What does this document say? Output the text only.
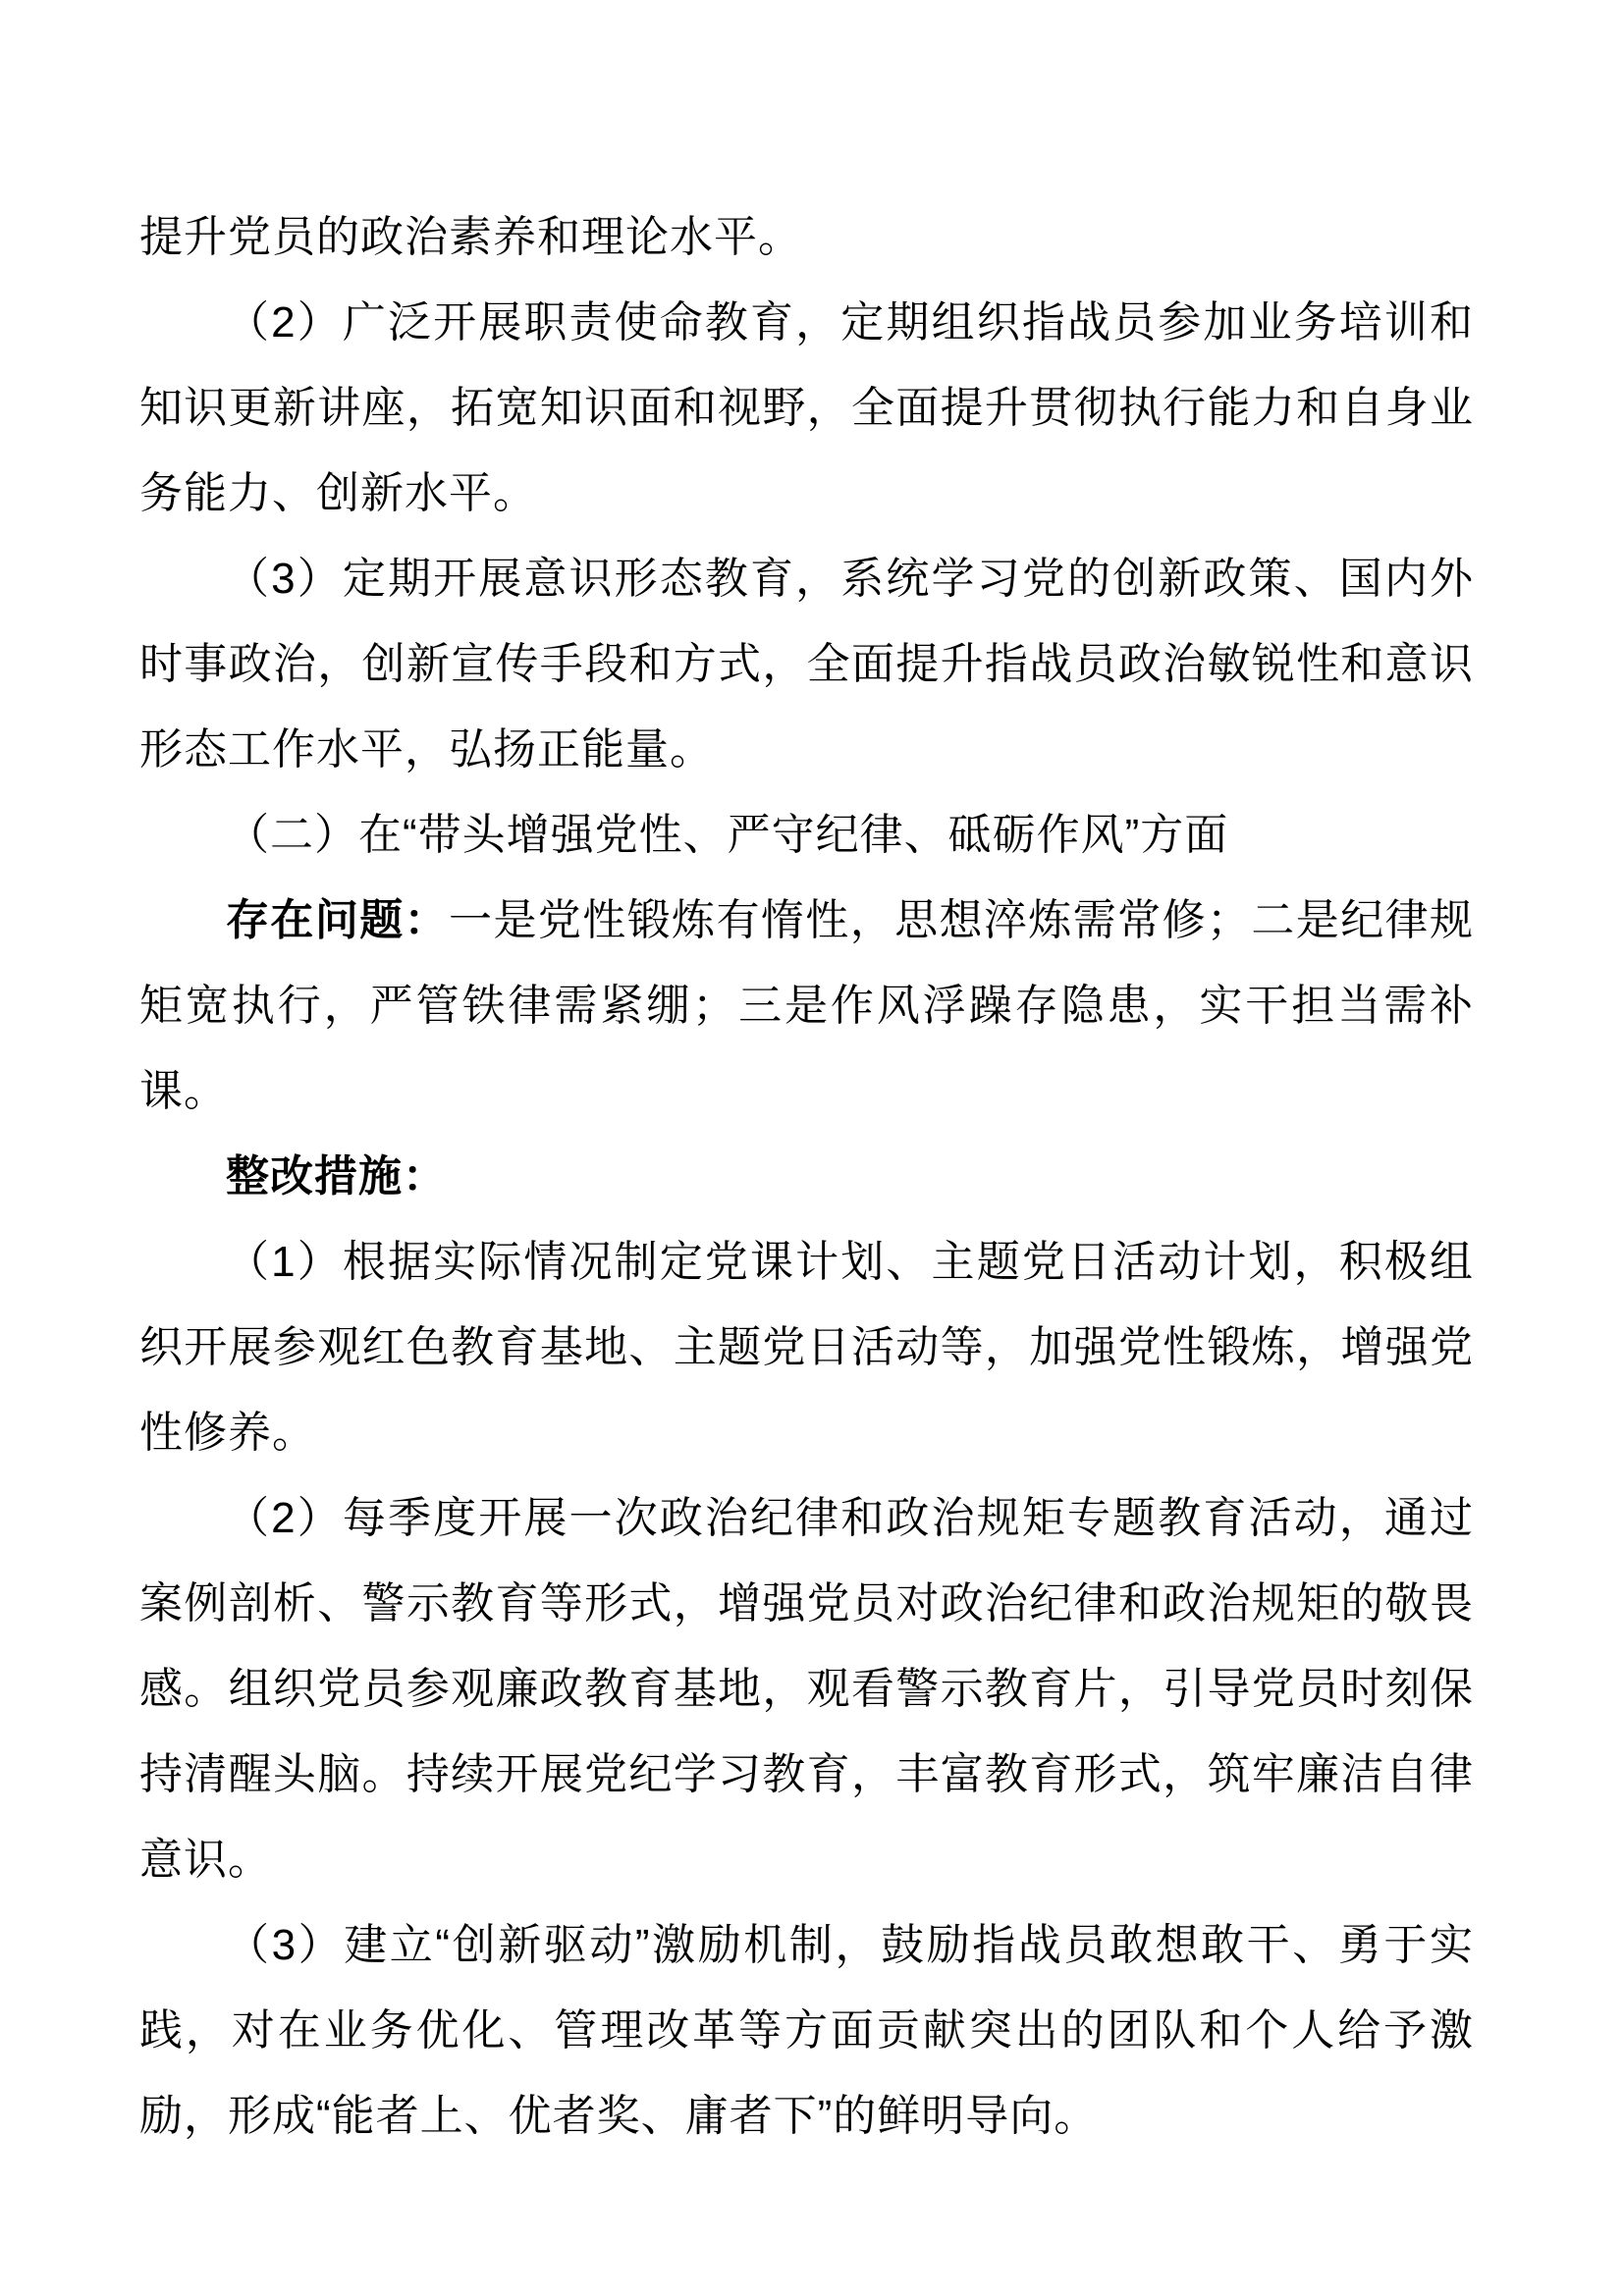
提升党员的政治素养和理论水平。

（2）广泛开展职责使命教育，定期组织指战员参加业务培训和知识更新讲座，拓宽知识面和视野，全面提升贯彻执行能力和自身业务能力、创新水平。

（3）定期开展意识形态教育，系统学习党的创新政策、国内外时事政治，创新宣传手段和方式，全面提升指战员政治敏锐性和意识形态工作水平，弘扬正能量。

（二）在“带头增强党性、严守纪律、砥砺作风”方面

存在问题：一是党性锻炼有惰性，思想淬炼需常修；二是纪律规矩宽执行，严管铁律需紧绷；三是作风浮躁存隐患，实干担当需补课。

整改措施：

（1）根据实际情况制定党课计划、主题党日活动计划，积极组织开展参观红色教育基地、主题党日活动等，加强党性锻炼，增强党性修养。

（2）每季度开展一次政治纪律和政治规矩专题教育活动，通过案例剖析、警示教育等形式，增强党员对政治纪律和政治规矩的敬畏感。组织党员参观廉政教育基地，观看警示教育片，引导党员时刻保持清醒头脑。持续开展党纪学习教育，丰富教育形式，筑牢廉洁自律意识。

（3）建立“创新驱动”激励机制，鼓励指战员敢想敢干、勇于实践，对在业务优化、管理改革等方面贡献突出的团队和个人给予激励，形成“能者上、优者奖、庸者下”的鲜明导向。
